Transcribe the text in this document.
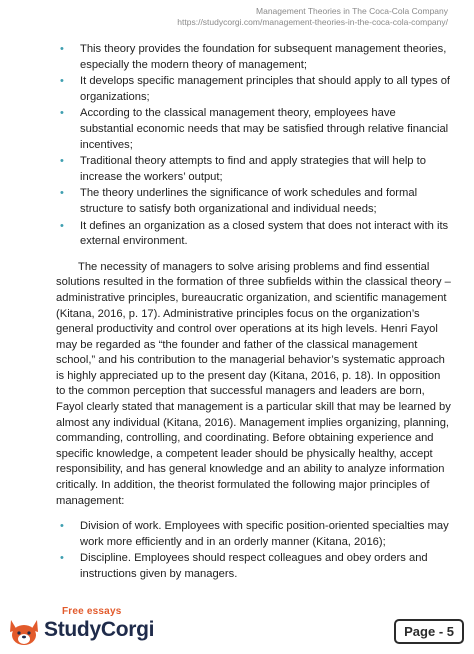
Management Theories in The Coca-Cola Company
https://studycorgi.com/management-theories-in-the-coca-cola-company/
• This theory provides the foundation for subsequent management theories, especially the modern theory of management;
• It develops specific management principles that should apply to all types of organizations;
• According to the classical management theory, employees have substantial economic needs that may be satisfied through relative financial incentives;
• Traditional theory attempts to find and apply strategies that will help to increase the workers’ output;
• The theory underlines the significance of work schedules and formal structure to satisfy both organizational and individual needs;
• It defines an organization as a closed system that does not interact with its external environment.

The necessity of managers to solve arising problems and find essential solutions resulted in the formation of three subfields within the classical theory – administrative principles, bureaucratic organization, and scientific management (Kitana, 2016, p. 17). Administrative principles focus on the organization’s general productivity and control over operations at its high levels. Henri Fayol may be regarded as “the founder and father of the classical management school,” and his contribution to the managerial behavior’s systematic approach is highly appreciated up to the present day (Kitana, 2016, p. 18). In opposition to the common perception that successful managers and leaders are born, Fayol clearly stated that management is a particular skill that may be learned by almost any individual (Kitana, 2016). Management implies organizing, planning, commanding, controlling, and coordinating. Before obtaining experience and specific knowledge, a competent leader should be physically healthy, accept responsibility, and has general knowledge and an ability to analyze information critically. In addition, the theorist formulated the following major principles of management:

• Division of work. Employees with specific position-oriented specialties may work more efficiently and in an orderly manner (Kitana, 2016);
• Discipline. Employees should respect colleagues and obey orders and instructions given by managers.
Free essays
StudyCorgi	Page - 5
